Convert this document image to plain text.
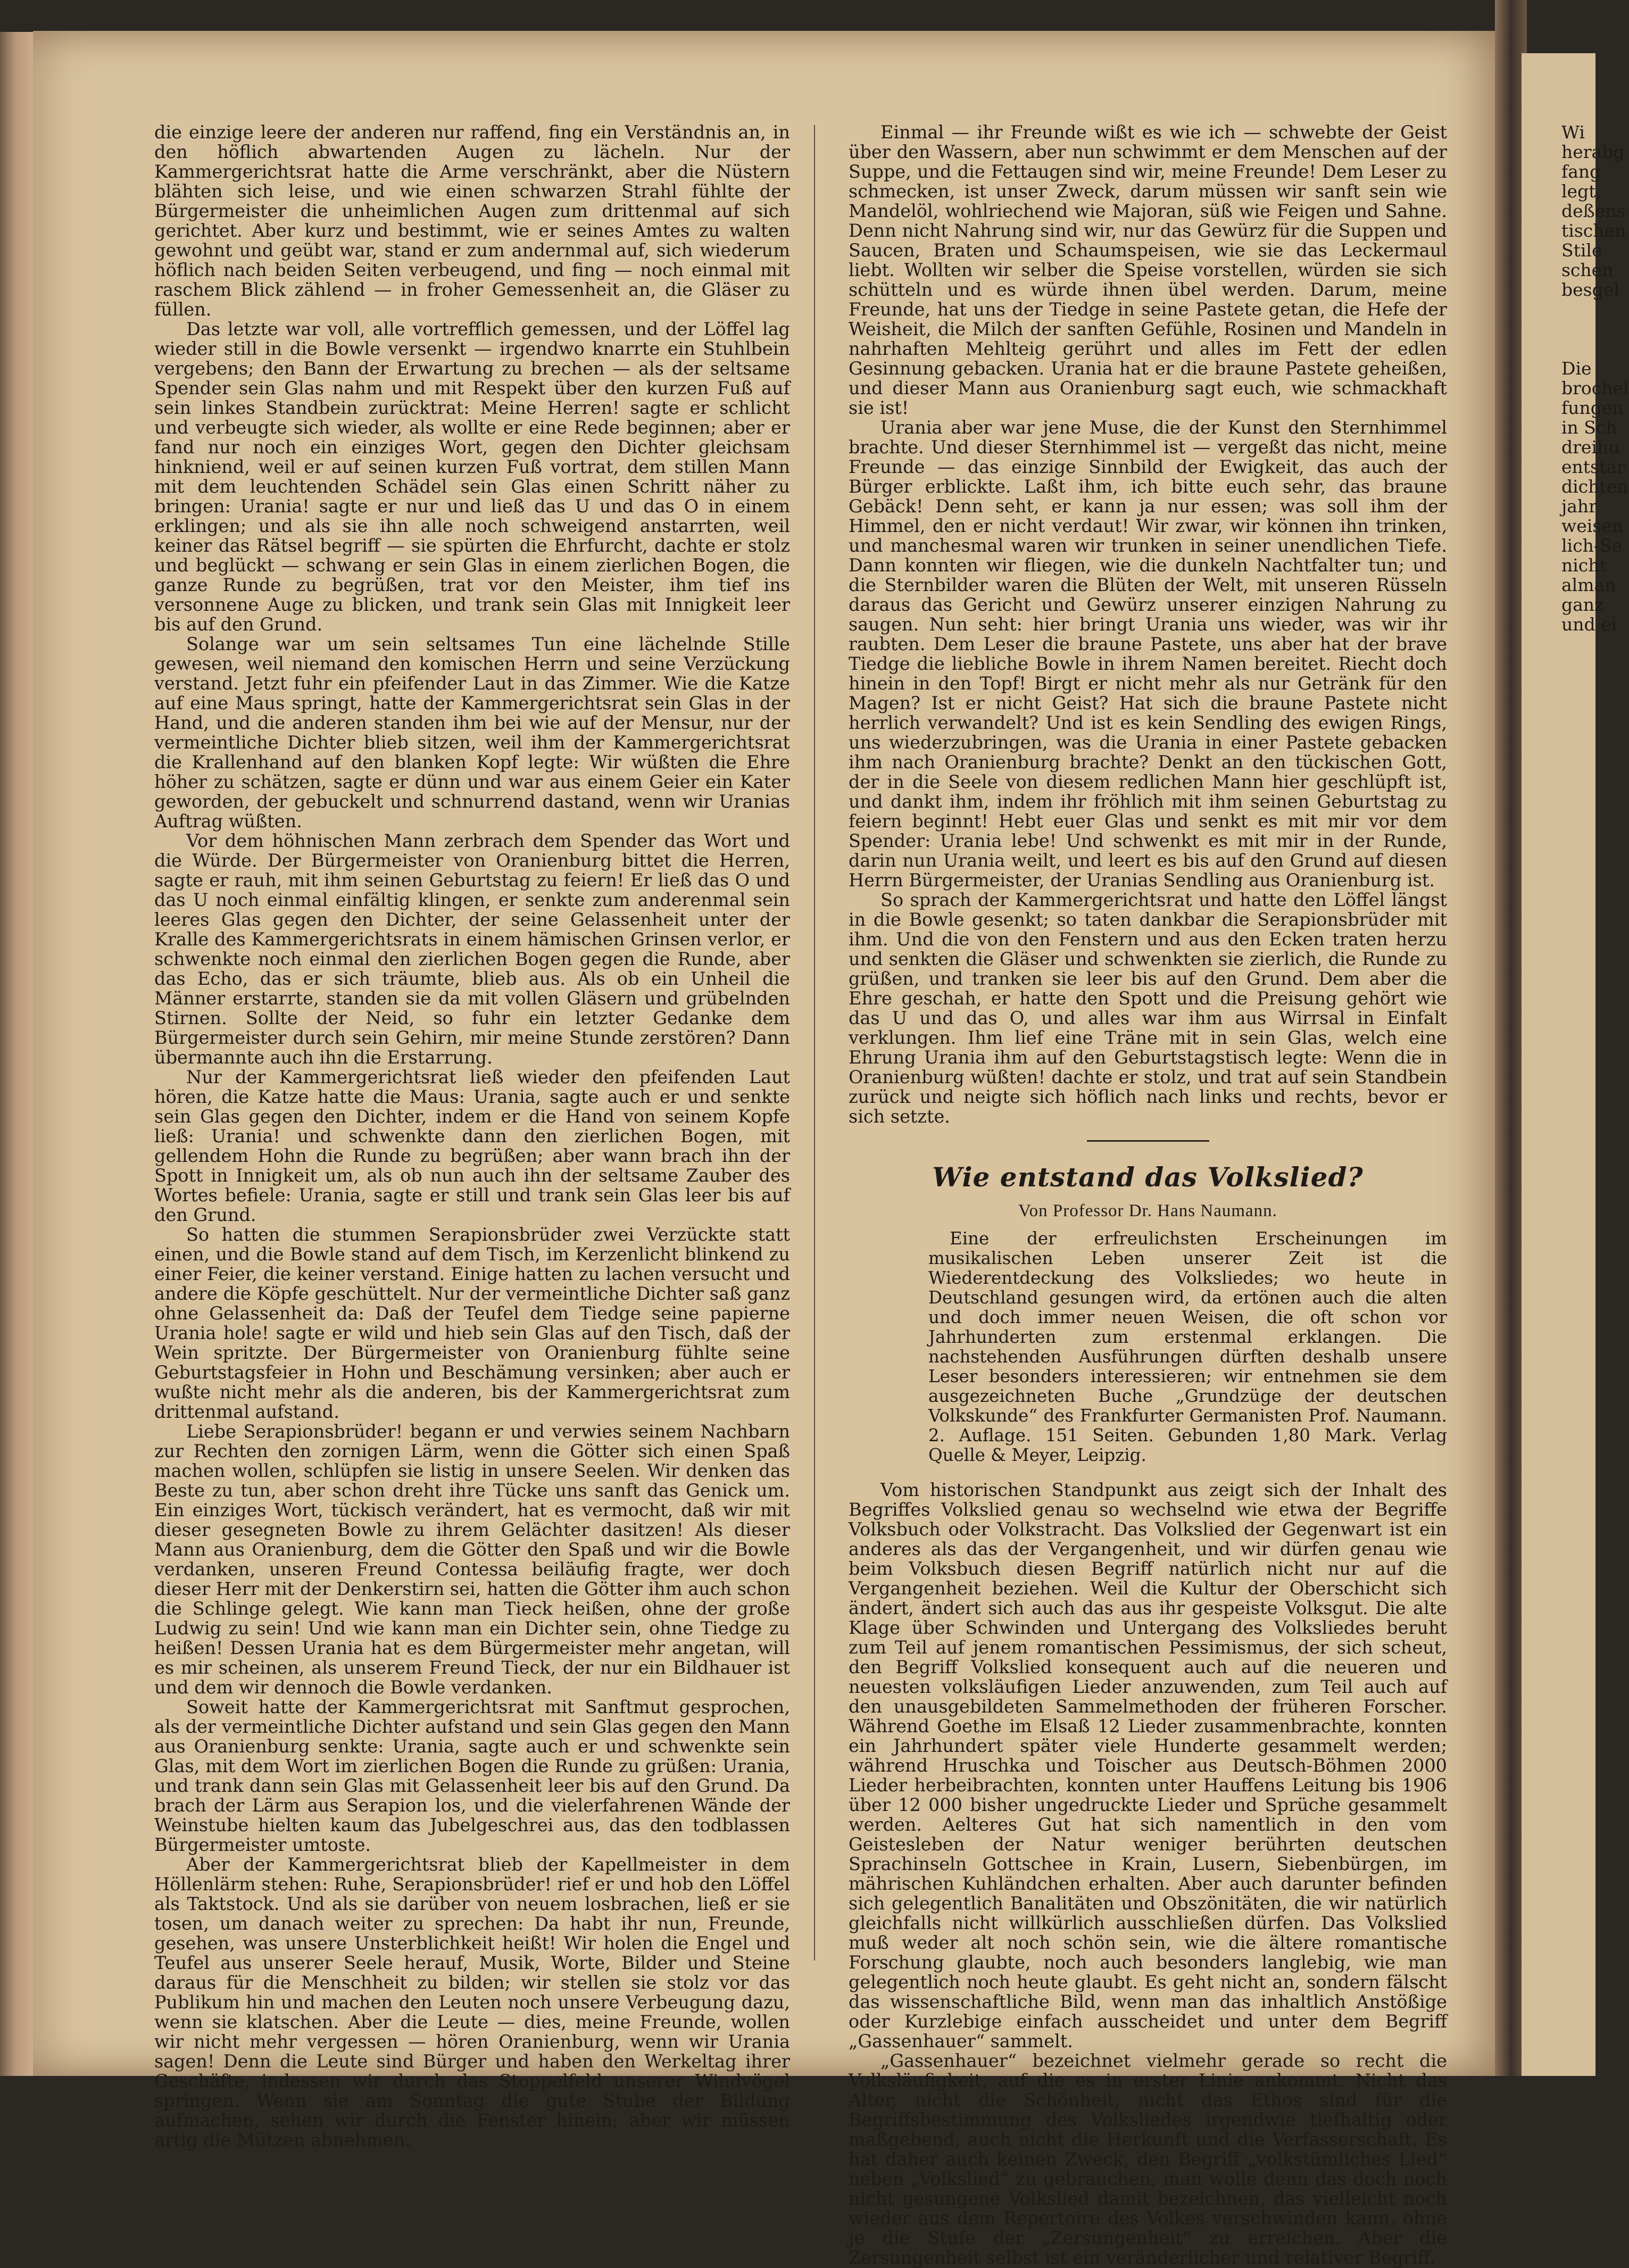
die einzige leere der anderen nur raffend, fing ein Verständnis an, in den höflich abwartenden Augen zu lächeln. Nur der Kammergerichtsrat hatte die Arme verschränkt, aber die Nüstern blähten sich leise, und wie einen schwarzen Strahl fühlte der Bürgermeister die unheimlichen Augen zum drittenmal auf sich gerichtet. Aber kurz und bestimmt, wie er seines Amtes zu walten gewohnt und geübt war, stand er zum andernmal auf, sich wiederum höflich nach beiden Seiten verbeugend, und fing — noch einmal mit raschem Blick zählend — in froher Gemessenheit an, die Gläser zu füllen.

Das letzte war voll, alle vortrefflich gemessen, und der Löffel lag wieder still in die Bowle versenkt — irgendwo knarrte ein Stuhlbein vergebens; den Bann der Erwartung zu brechen — als der seltsame Spender sein Glas nahm und mit Respekt über den kurzen Fuß auf sein linkes Standbein zurücktrat: Meine Herren! sagte er schlicht und verbeugte sich wieder, als wollte er eine Rede beginnen; aber er fand nur noch ein einziges Wort, gegen den Dichter gleichsam hinkniend, weil er auf seinen kurzen Fuß vortrat, dem stillen Mann mit dem leuchtenden Schädel sein Glas einen Schritt näher zu bringen: Urania! sagte er nur und ließ das U und das O in einem erklingen; und als sie ihn alle noch schweigend anstarrten, weil keiner das Rätsel begriff — sie spürten die Ehrfurcht, dachte er stolz und beglückt — schwang er sein Glas in einem zierlichen Bogen, die ganze Runde zu begrüßen, trat vor den Meister, ihm tief ins versonnene Auge zu blicken, und trank sein Glas mit Innigkeit leer bis auf den Grund.

Solange war um sein seltsames Tun eine lächelnde Stille gewesen, weil niemand den komischen Herrn und seine Verzückung verstand. Jetzt fuhr ein pfeifender Laut in das Zimmer. Wie die Katze auf eine Maus springt, hatte der Kammergerichtsrat sein Glas in der Hand, und die anderen standen ihm bei wie auf der Mensur, nur der vermeintliche Dichter blieb sitzen, weil ihm der Kammergerichtsrat die Krallenhand auf den blanken Kopf legte: Wir wüßten die Ehre höher zu schätzen, sagte er dünn und war aus einem Geier ein Kater geworden, der gebuckelt und schnurrend dastand, wenn wir Uranias Auftrag wüßten.

Vor dem höhnischen Mann zerbrach dem Spender das Wort und die Würde. Der Bürgermeister von Oranienburg bittet die Herren, sagte er rauh, mit ihm seinen Geburtstag zu feiern! Er ließ das O und das U noch einmal einfältig klingen, er senkte zum anderenmal sein leeres Glas gegen den Dichter, der seine Gelassenheit unter der Kralle des Kammergerichtsrats in einem hämischen Grinsen verlor, er schwenkte noch einmal den zierlichen Bogen gegen die Runde, aber das Echo, das er sich träumte, blieb aus. Als ob ein Unheil die Männer erstarrte, standen sie da mit vollen Gläsern und grübelnden Stirnen. Sollte der Neid, so fuhr ein letzter Gedanke dem Bürgermeister durch sein Gehirn, mir meine Stunde zerstören? Dann übermannte auch ihn die Erstarrung.

Nur der Kammergerichtsrat ließ wieder den pfeifenden Laut hören, die Katze hatte die Maus: Urania, sagte auch er und senkte sein Glas gegen den Dichter, indem er die Hand von seinem Kopfe ließ: Urania! und schwenkte dann den zierlichen Bogen, mit gellendem Hohn die Runde zu begrüßen; aber wann brach ihn der Spott in Innigkeit um, als ob nun auch ihn der seltsame Zauber des Wortes befiele: Urania, sagte er still und trank sein Glas leer bis auf den Grund.

So hatten die stummen Serapionsbrüder zwei Verzückte statt einen, und die Bowle stand auf dem Tisch, im Kerzenlicht blinkend zu einer Feier, die keiner verstand. Einige hatten zu lachen versucht und andere die Köpfe geschüttelt. Nur der vermeintliche Dichter saß ganz ohne Gelassenheit da: Daß der Teufel dem Tiedge seine papierne Urania hole! sagte er wild und hieb sein Glas auf den Tisch, daß der Wein spritzte. Der Bürgermeister von Oranienburg fühlte seine Geburtstagsfeier in Hohn und Beschämung versinken; aber auch er wußte nicht mehr als die anderen, bis der Kammergerichtsrat zum drittenmal aufstand.

Liebe Serapionsbrüder! begann er und verwies seinem Nachbarn zur Rechten den zornigen Lärm, wenn die Götter sich einen Spaß machen wollen, schlüpfen sie listig in unsere Seelen. Wir denken das Beste zu tun, aber schon dreht ihre Tücke uns sanft das Genick um. Ein einziges Wort, tückisch verändert, hat es vermocht, daß wir mit dieser gesegneten Bowle zu ihrem Gelächter dasitzen! Als dieser Mann aus Oranienburg, dem die Götter den Spaß und wir die Bowle verdanken, unseren Freund Contessa beiläufig fragte, wer doch dieser Herr mit der Denkerstirn sei, hatten die Götter ihm auch schon die Schlinge gelegt. Wie kann man Tieck heißen, ohne der große Ludwig zu sein! Und wie kann man ein Dichter sein, ohne Tiedge zu heißen! Dessen Urania hat es dem Bürgermeister mehr angetan, will es mir scheinen, als unserem Freund Tieck, der nur ein Bildhauer ist und dem wir dennoch die Bowle verdanken.

Soweit hatte der Kammergerichtsrat mit Sanftmut gesprochen, als der vermeintliche Dichter aufstand und sein Glas gegen den Mann aus Oranienburg senkte: Urania, sagte auch er und schwenkte sein Glas, mit dem Wort im zierlichen Bogen die Runde zu grüßen: Urania, und trank dann sein Glas mit Gelassenheit leer bis auf den Grund. Da brach der Lärm aus Serapion los, und die vielerfahrenen Wände der Weinstube hielten kaum das Jubelgeschrei aus, das den todblassen Bürgermeister umtoste.

Aber der Kammergerichtsrat blieb der Kapellmeister in dem Höllenlärm stehen: Ruhe, Serapionsbrüder! rief er und hob den Löffel als Taktstock. Und als sie darüber von neuem losbrachen, ließ er sie tosen, um danach weiter zu sprechen: Da habt ihr nun, Freunde, gesehen, was unsere Unsterblichkeit heißt! Wir holen die Engel und Teufel aus unserer Seele herauf, Musik, Worte, Bilder und Steine daraus für die Menschheit zu bilden; wir stellen sie stolz vor das Publikum hin und machen den Leuten noch unsere Verbeugung dazu, wenn sie klatschen. Aber die Leute — dies, meine Freunde, wollen wir nicht mehr vergessen — hören Oranienburg, wenn wir Urania sagen! Denn die Leute sind Bürger und haben den Werkeltag ihrer Geschäfte, indessen wir durch das Stoppelfeld unserer Windvögel springen. Wenn sie am Sonntag die gute Stube der Bildung aufmachen, sehen wir durch die Fenster hinein; aber wir müssen artig die Mützen abnehmen.

Einmal — ihr Freunde wißt es wie ich — schwebte der Geist über den Wassern, aber nun schwimmt er dem Menschen auf der Suppe, und die Fettaugen sind wir, meine Freunde! Dem Leser zu schmecken, ist unser Zweck, darum müssen wir sanft sein wie Mandelöl, wohlriechend wie Majoran, süß wie Feigen und Sahne. Denn nicht Nahrung sind wir, nur das Gewürz für die Suppen und Saucen, Braten und Schaumspeisen, wie sie das Leckermaul liebt. Wollten wir selber die Speise vorstellen, würden sie sich schütteln und es würde ihnen übel werden. Darum, meine Freunde, hat uns der Tiedge in seine Pastete getan, die Hefe der Weisheit, die Milch der sanften Gefühle, Rosinen und Mandeln in nahrhaften Mehlteig gerührt und alles im Fett der edlen Gesinnung gebacken. Urania hat er die braune Pastete geheißen, und dieser Mann aus Oranienburg sagt euch, wie schmackhaft sie ist!

Urania aber war jene Muse, die der Kunst den Sternhimmel brachte. Und dieser Sternhimmel ist — vergeßt das nicht, meine Freunde — das einzige Sinnbild der Ewigkeit, das auch der Bürger erblickte. Laßt ihm, ich bitte euch sehr, das braune Gebäck! Denn seht, er kann ja nur essen; was soll ihm der Himmel, den er nicht verdaut! Wir zwar, wir können ihn trinken, und manchesmal waren wir trunken in seiner unendlichen Tiefe. Dann konnten wir fliegen, wie die dunkeln Nachtfalter tun; und die Sternbilder waren die Blüten der Welt, mit unseren Rüsseln daraus das Gericht und Gewürz unserer einzigen Nahrung zu saugen. Nun seht: hier bringt Urania uns wieder, was wir ihr raubten. Dem Leser die braune Pastete, uns aber hat der brave Tiedge die liebliche Bowle in ihrem Namen bereitet. Riecht doch hinein in den Topf! Birgt er nicht mehr als nur Getränk für den Magen? Ist er nicht Geist? Hat sich die braune Pastete nicht herrlich verwandelt? Und ist es kein Sendling des ewigen Rings, uns wiederzubringen, was die Urania in einer Pastete gebacken ihm nach Oranienburg brachte? Denkt an den tückischen Gott, der in die Seele von diesem redlichen Mann hier geschlüpft ist, und dankt ihm, indem ihr fröhlich mit ihm seinen Geburtstag zu feiern beginnt! Hebt euer Glas und senkt es mit mir vor dem Spender: Urania lebe! Und schwenkt es mit mir in der Runde, darin nun Urania weilt, und leert es bis auf den Grund auf diesen Herrn Bürgermeister, der Uranias Sendling aus Oranienburg ist.

So sprach der Kammergerichtsrat und hatte den Löffel längst in die Bowle gesenkt; so taten dankbar die Serapionsbrüder mit ihm. Und die von den Fenstern und aus den Ecken traten herzu und senkten die Gläser und schwenkten sie zierlich, die Runde zu grüßen, und tranken sie leer bis auf den Grund. Dem aber die Ehre geschah, er hatte den Spott und die Preisung gehört wie das U und das O, und alles war ihm aus Wirrsal in Einfalt verklungen. Ihm lief eine Träne mit in sein Glas, welch eine Ehrung Urania ihm auf den Geburtstagstisch legte: Wenn die in Oranienburg wüßten! dachte er stolz, und trat auf sein Standbein zurück und neigte sich höflich nach links und rechts, bevor er sich setzte.

Wie entstand das Volkslied?
Von Professor Dr. Hans Naumann.

Eine der erfreulichsten Erscheinungen im musikalischen Leben unserer Zeit ist die Wiederentdeckung des Volksliedes; wo heute in Deutschland gesungen wird, da ertönen auch die alten und doch immer neuen Weisen, die oft schon vor Jahrhunderten zum erstenmal erklangen. Die nachstehenden Ausführungen dürften deshalb unsere Leser besonders interessieren; wir entnehmen sie dem ausgezeichneten Buche „Grundzüge der deutschen Volkskunde“ des Frankfurter Germanisten Prof. Naumann. 2. Auflage. 151 Seiten. Gebunden 1,80 Mark. Verlag Quelle & Meyer, Leipzig.

Vom historischen Standpunkt aus zeigt sich der Inhalt des Begriffes Volkslied genau so wechselnd wie etwa der Begriffe Volksbuch oder Volkstracht. Das Volkslied der Gegenwart ist ein anderes als das der Vergangenheit, und wir dürfen genau wie beim Volksbuch diesen Begriff natürlich nicht nur auf die Vergangenheit beziehen. Weil die Kultur der Oberschicht sich ändert, ändert sich auch das aus ihr gespeiste Volksgut. Die alte Klage über Schwinden und Untergang des Volksliedes beruht zum Teil auf jenem romantischen Pessimismus, der sich scheut, den Begriff Volkslied konsequent auch auf die neueren und neuesten volksläufigen Lieder anzuwenden, zum Teil auch auf den unausgebildeten Sammelmethoden der früheren Forscher. Während Goethe im Elsaß 12 Lieder zusammenbrachte, konnten ein Jahrhundert später viele Hunderte gesammelt werden; während Hruschka und Toischer aus Deutsch-Böhmen 2000 Lieder herbeibrachten, konnten unter Hauffens Leitung bis 1906 über 12 000 bisher ungedruckte Lieder und Sprüche gesammelt werden. Aelteres Gut hat sich namentlich in den vom Geistesleben der Natur weniger berührten deutschen Sprachinseln Gottschee in Krain, Lusern, Siebenbürgen, im mährischen Kuhländchen erhalten. Aber auch darunter befinden sich gelegentlich Banalitäten und Obszönitäten, die wir natürlich gleichfalls nicht willkürlich ausschließen dürfen. Das Volkslied muß weder alt noch schön sein, wie die ältere romantische Forschung glaubte, noch auch besonders langlebig, wie man gelegentlich noch heute glaubt. Es geht nicht an, sondern fälscht das wissenschaftliche Bild, wenn man das inhaltlich Anstößige oder Kurzlebige einfach ausscheidet und unter dem Begriff „Gassenhauer“ sammelt.

„Gassenhauer“ bezeichnet vielmehr gerade so recht die Volksläufigkeit, auf die es in erster Linie ankommt. Nicht das Alter, nicht die Schönheit, nicht das Ethos sind für die Begriffsbestimmung des Volksliedes irgendwie tiefhaltig oder maßgebend, auch nicht die Herkunft und die Verfasserschaft. Es hat daher auch keinen Zweck, den Begriff „volkstümliches Lied“ neben „Volkslied“ zu gebrauchen, man wolle denn das doch noch nicht gesungene Volkslied damit bezeichnen, das vielleicht noch wieder aus dem Repertoire des Volkes verschwinden kann, ohne je die Stufe der „Zersungenheit“ zu erreichen. Aber die Zersungenheit selbst ist ein veränderlicher und relativer Begriff.

Wi
herabg
fang
legt,
deßens
tischen
Stile
schen
besgel
Die
brochel
fungen
in Sch
dreihu
entstar
dichten
jahr
weisen
lich-Se
nicht
alman
ganz
und ei
